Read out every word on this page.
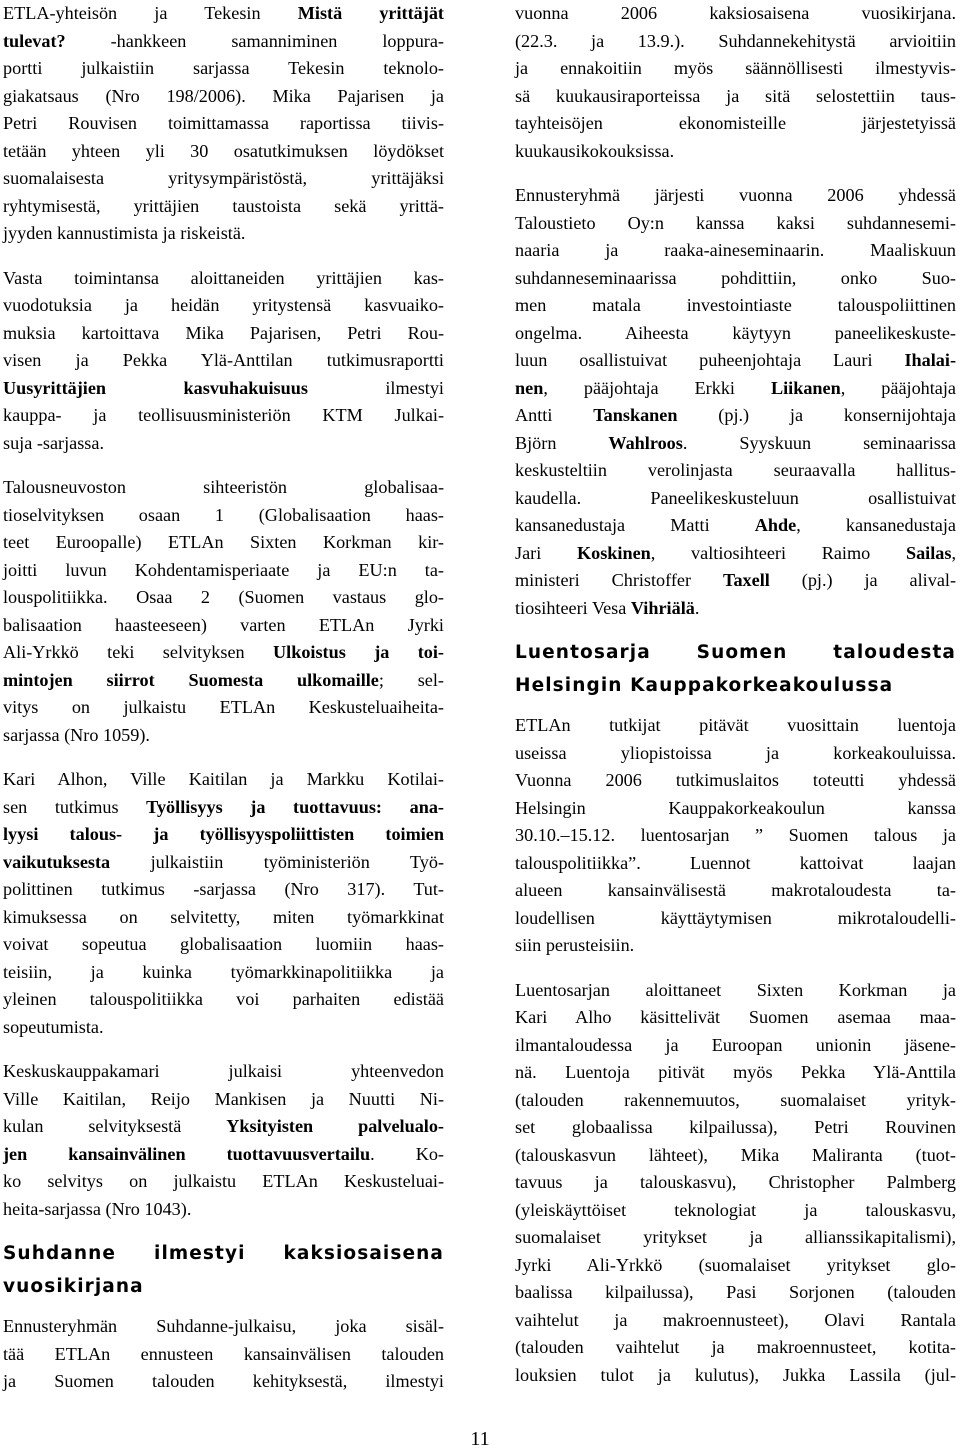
ETLA-yhteisön ja Tekesin Mistä yrittäjät
tulevat? -hankkeen samanniminen loppura-
portti julkaistiin sarjassa Tekesin teknolo-
giakatsaus (Nro 198/2006). Mika Pajarisen ja
Petri Rouvisen toimittamassa raportissa tiivis-
tetään yhteen yli 30 osatutkimuksen löydökset
suomalaisesta yritysympäristöstä, yrittäjäksi
ryhtymisestä, yrittäjien taustoista sekä yrittä-
jyyden kannustimista ja riskeistä.

Vasta toimintansa aloittaneiden yrittäjien kas-
vuodotuksia ja heidän yritystensä kasvuaiko-
muksia kartoittava Mika Pajarisen, Petri Rou-
visen ja Pekka Ylä-Anttilan tutkimusraportti
Uusyrittäjien kasvuhakuisuus ilmestyi
kauppa- ja teollisuusministeriön KTM Julkai-
suja -sarjassa.

Talousneuvoston sihteeristön globalisaa-
tioselvityksen osaan 1 (Globalisaation haas-
teet Euroopalle) ETLAn Sixten Korkman kir-
joitti luvun Kohdentamisperiaate ja EU:n ta-
louspolitiikka. Osaa 2 (Suomen vastaus glo-
balisaation haasteeseen) varten ETLAn Jyrki
Ali-Yrkkö teki selvityksen Ulkoistus ja toi-
mintojen siirrot Suomesta ulkomaille; sel-
vitys on julkaistu ETLAn Keskusteluaiheita-
sarjassa (Nro 1059).

Kari Alhon, Ville Kaitilan ja Markku Kotilai-
sen tutkimus Työllisyys ja tuottavuus: ana-
lyysi talous- ja työllisyyspoliittisten toimien
vaikutuksesta julkaistiin työministeriön Työ-
polittinen tutkimus -sarjassa (Nro 317). Tut-
kimuksessa on selvitetty, miten työmarkkinat
voivat sopeutua globalisaation luomiin haas-
teisiin, ja kuinka työmarkkinapolitiikka ja
yleinen talouspolitiikka voi parhaiten edistää
sopeutumista.

Keskuskauppakamari julkaisi yhteenvedon
Ville Kaitilan, Reijo Mankisen ja Nuutti Ni-
kulan selvityksestä Yksityisten palvelualo-
jen kansainvälinen tuottavuusvertailu. Ko-
ko selvitys on julkaistu ETLAn Keskusteluai-
heita-sarjassa (Nro 1043).

Suhdanne ilmestyi kaksiosaisena
vuosikirjana

Ennusteryhmän Suhdanne-julkaisu, joka sisäl-
tää ETLAn ennusteen kansainvälisen talouden
ja Suomen talouden kehityksestä, ilmestyi

vuonna 2006 kaksiosaisena vuosikirjana.
(22.3. ja 13.9.). Suhdannekehitystä arvioitiin
ja ennakoitiin myös säännöllisesti ilmestyvis-
sä kuukausiraporteissa ja sitä selostettiin taus-
tayhteisöjen ekonomisteille järjestetyissä
kuukausikokouksissa.

Ennusteryhmä järjesti vuonna 2006 yhdessä
Taloustieto Oy:n kanssa kaksi suhdannesemi-
naaria ja raaka-aineseminaarin. Maaliskuun
suhdanneseminaarissa pohdittiin, onko Suo-
men matala investointiaste talouspoliittinen
ongelma. Aiheesta käytyyn paneelikeskuste-
luun osallistuivat puheenjohtaja Lauri Ihalai-
nen, pääjohtaja Erkki Liikanen, pääjohtaja
Antti Tanskanen (pj.) ja konsernijohtaja
Björn Wahlroos. Syyskuun seminaarissa
keskusteltiin verolinjasta seuraavalla hallitus-
kaudella. Paneelikeskusteluun osallistuivat
kansanedustaja Matti Ahde, kansanedustaja
Jari Koskinen, valtiosihteeri Raimo Sailas,
ministeri Christoffer Taxell (pj.) ja alival-
tiosihteeri Vesa Vihriälä.

Luentosarja Suomen taloudesta
Helsingin Kauppakorkeakoulussa

ETLAn tutkijat pitävät vuosittain luentoja
useissa yliopistoissa ja korkeakouluissa.
Vuonna 2006 tutkimuslaitos toteutti yhdessä
Helsingin Kauppakorkeakoulun kanssa
30.10.–15.12. luentosarjan ” Suomen talous ja
talouspolitiikka”. Luennot kattoivat laajan
alueen kansainvälisestä makrotaloudesta ta-
loudellisen käyttäytymisen mikrotaloudelli-
siin perusteisiin.

Luentosarjan aloittaneet Sixten Korkman ja
Kari Alho käsittelivät Suomen asemaa maa-
ilmantaloudessa ja Euroopan unionin jäsene-
nä. Luentoja pitivät myös Pekka Ylä-Anttila
(talouden rakennemuutos, suomalaiset yrityk-
set globaalissa kilpailussa), Petri Rouvinen
(talouskasvun lähteet), Mika Maliranta (tuot-
tavuus ja talouskasvu), Christopher Palmberg
(yleiskäyttöiset teknologiat ja talouskasvu,
suomalaiset yritykset ja allianssikapitalismi),
Jyrki Ali-Yrkkö (suomalaiset yritykset glo-
baalissa kilpailussa), Pasi Sorjonen (talouden
vaihtelut ja makroennusteet), Olavi Rantala
(talouden vaihtelut ja makroennusteet, kotita-
louksien tulot ja kulutus), Jukka Lassila (jul-

11
